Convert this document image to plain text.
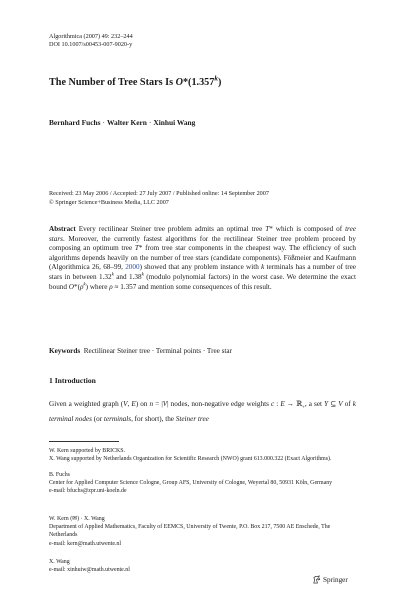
Algorithmica (2007) 49: 232–244
DOI 10.1007/s00453-007-9020-y
The Number of Tree Stars Is O*(1.357$^k$)
Bernhard Fuchs · Walter Kern · Xinhui Wang
Received: 23 May 2006 / Accepted: 27 July 2007 / Published online: 14 September 2007
© Springer Science+Business Media, LLC 2007
Abstract Every rectilinear Steiner tree problem admits an optimal tree T* which is composed of tree stars. Moreover, the currently fastest algorithms for the rectilinear Steiner tree problem proceed by composing an optimum tree T* from tree star components in the cheapest way. The efficiency of such algorithms depends heavily on the number of tree stars (candidate components). Fößmeier and Kaufmann (Algorithmica 26, 68–99, 2000) showed that any problem instance with k terminals has a number of tree stars in between 1.32$^k$ and 1.38$^k$ (modulo polynomial factors) in the worst case. We determine the exact bound $O*(\rho^k)$ where ρ ≈ 1.357 and mention some consequences of this result.
Keywords Rectilinear Steiner tree · Terminal points · Tree star
1 Introduction
Given a weighted graph (V, E) on n = |V| nodes, non-negative edge weights c : E → ℝ$_+$, a set Y ⊆ V of k terminal nodes (or terminals, for short), the Steiner tree
W. Kern supported by BRICKS.
X. Wang supported by Netherlands Organization for Scientific Research (NWO) grant 613.000.322 (Exact Algorithms).
B. Fuchs
Center for Applied Computer Science Cologne, Group AFS, University of Cologne, Weyertal 80, 50931 Köln, Germany
e-mail: bfuchs@zpr.uni-koeln.de
W. Kern (✉) · X. Wang
Department of Applied Mathematics, Faculty of EEMCS, University of Twente, P.O. Box 217, 7500 AE Enschede, The Netherlands
e-mail: kern@math.utwente.nl
X. Wang
e-mail: xinhuiw@math.utwente.nl
Springer
